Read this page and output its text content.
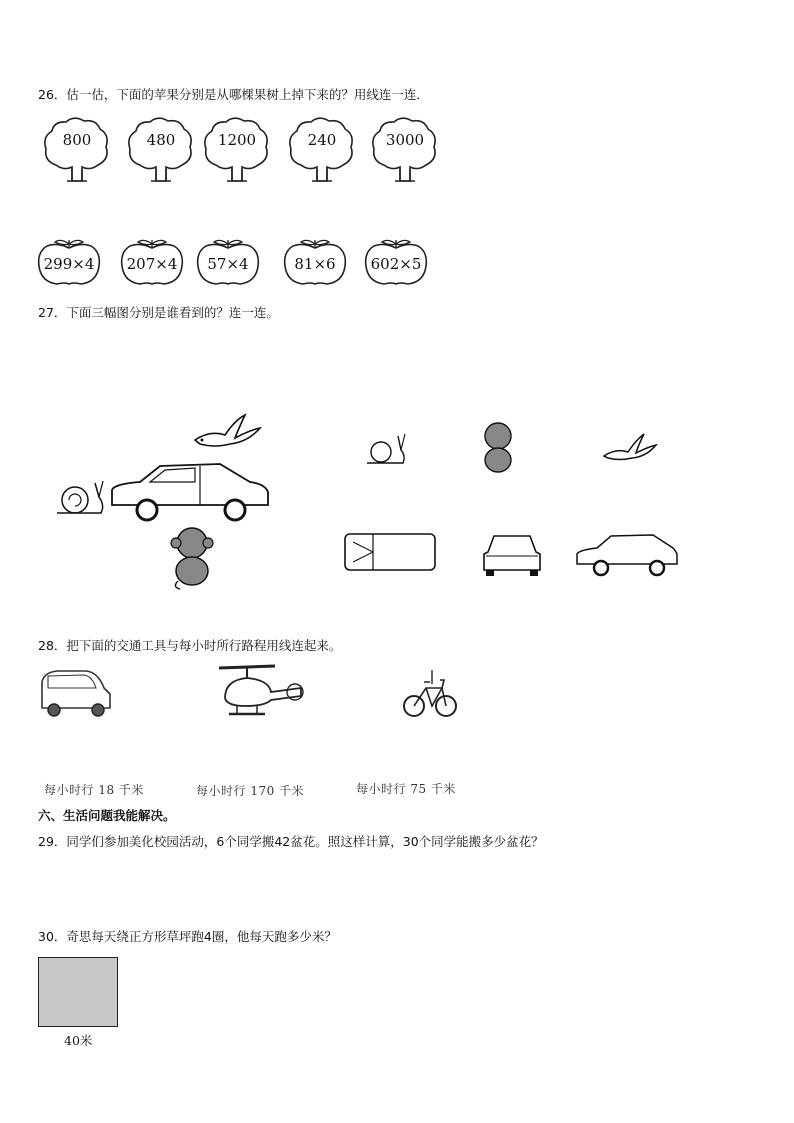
26．估一估，下面的苹果分别是从哪棵果树上掉下来的？用线连一连．
800	480	1200	240	3000
299×4	207×4	57×4	81×6	602×5
27．下面三幅图分别是谁看到的？连一连。
28．把下面的交通工具与每小时所行路程用线连起来。
每小时行 18 千米	每小时行 170 千米	每小时行 75 千米
六、生活问题我能解决。
29．同学们参加美化校园活动，6个同学搬42盆花。照这样计算，30个同学能搬多少盆花？
30．奇思每天绕正方形草坪跑4圈，他每天跑多少米？
40米
